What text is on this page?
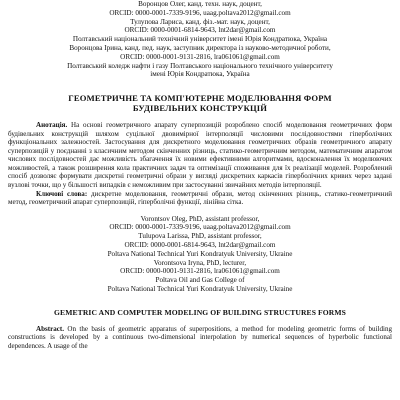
Воронцов Олег, канд. техн. наук, доцент,
ORCID: 0000-0001-7339-9196, uaag.poltava2012@gmail.com
Тулупова Лариса, канд. фіз.-мат. наук, доцент,
ORCID: 0000-0001-6814-9643, lnt2dar@gmail.com
Полтавський національний технічний університет імені Юрія Кондратюка, Україна
Воронцова Ірина, канд. пед. наук, заступник директора із науково-методичної роботи,
ORCID: 0000-0001-9131-2816, lra061061@gmail.com
Полтавський коледж нафти і газу Полтавського національного технічного університету
імені Юрія Кондратюка, Україна
ГЕОМЕТРИЧНЕ ТА КОМП'ЮТЕРНЕ МОДЕЛЮВАННЯ ФОРМ
БУДІВЕЛЬНИХ КОНСТРУКЦІЙ

Анотація. На основі геометричного апарату суперпозицій розроблено спосіб моделювання геометричних форм будівельних конструкцій шляхом суцільної двовимірної інтерполяції числовими послідовностями гіперболічних функціональних залежностей. Застосування для дискретного моделювання геометричних образів геометричного апарату суперпозицій у поєднанні з класичним методом скінченних різниць, статико-геометричним методом, математичним апаратом числових послідовностей дає можливість збагачення їх новими ефективними алгоритмами, вдосконалення їх моделюючих можливостей, а також розширення кола практичних задач та оптимізації споживання для їх реалізації моделей. Розроблений спосіб дозволяє формувати дискретні геометричні образи у вигляді дискретних каркасів гіперболічних кривих через задані вузлові точки, що у більшості випадків є неможливим при застосуванні звичайних методів інтерполяції.

Ключові слова: дискретне моделювання, геометричні образи, метод скінченних різниць, статико-геометричний метод, геометричний апарат суперпозицій, гіперболічні функції, лінійна сітка.

Vorontsov Oleg, PhD, assistant professor,
ORCID: 0000-0001-7339-9196, uaag.poltava2012@gmail.com
Tulupova Larissa, PhD, assistant professor,
ORCID: 0000-0001-6814-9643, lnt2dar@gmail.com
Poltava National Technical Yuri Kondratyuk University, Ukraine
Vorontsova Iryna, PhD, lecturer,
ORCID: 0000-0001-9131-2816, lra061061@gmail.com
Poltava Oil and Gas College of
Poltava National Technical Yuri Kondratyuk University, Ukraine
GEMETRIC AND COMPUTER MODELING OF BUILDING STRUCTURES FORMS

Abstract. On the basis of geometric apparatus of superpositions, a method for modeling geometric forms of building constructions is developed by a continuous two-dimensional interpolation by numerical sequences of hyperbolic functional dependences. A usage of the
